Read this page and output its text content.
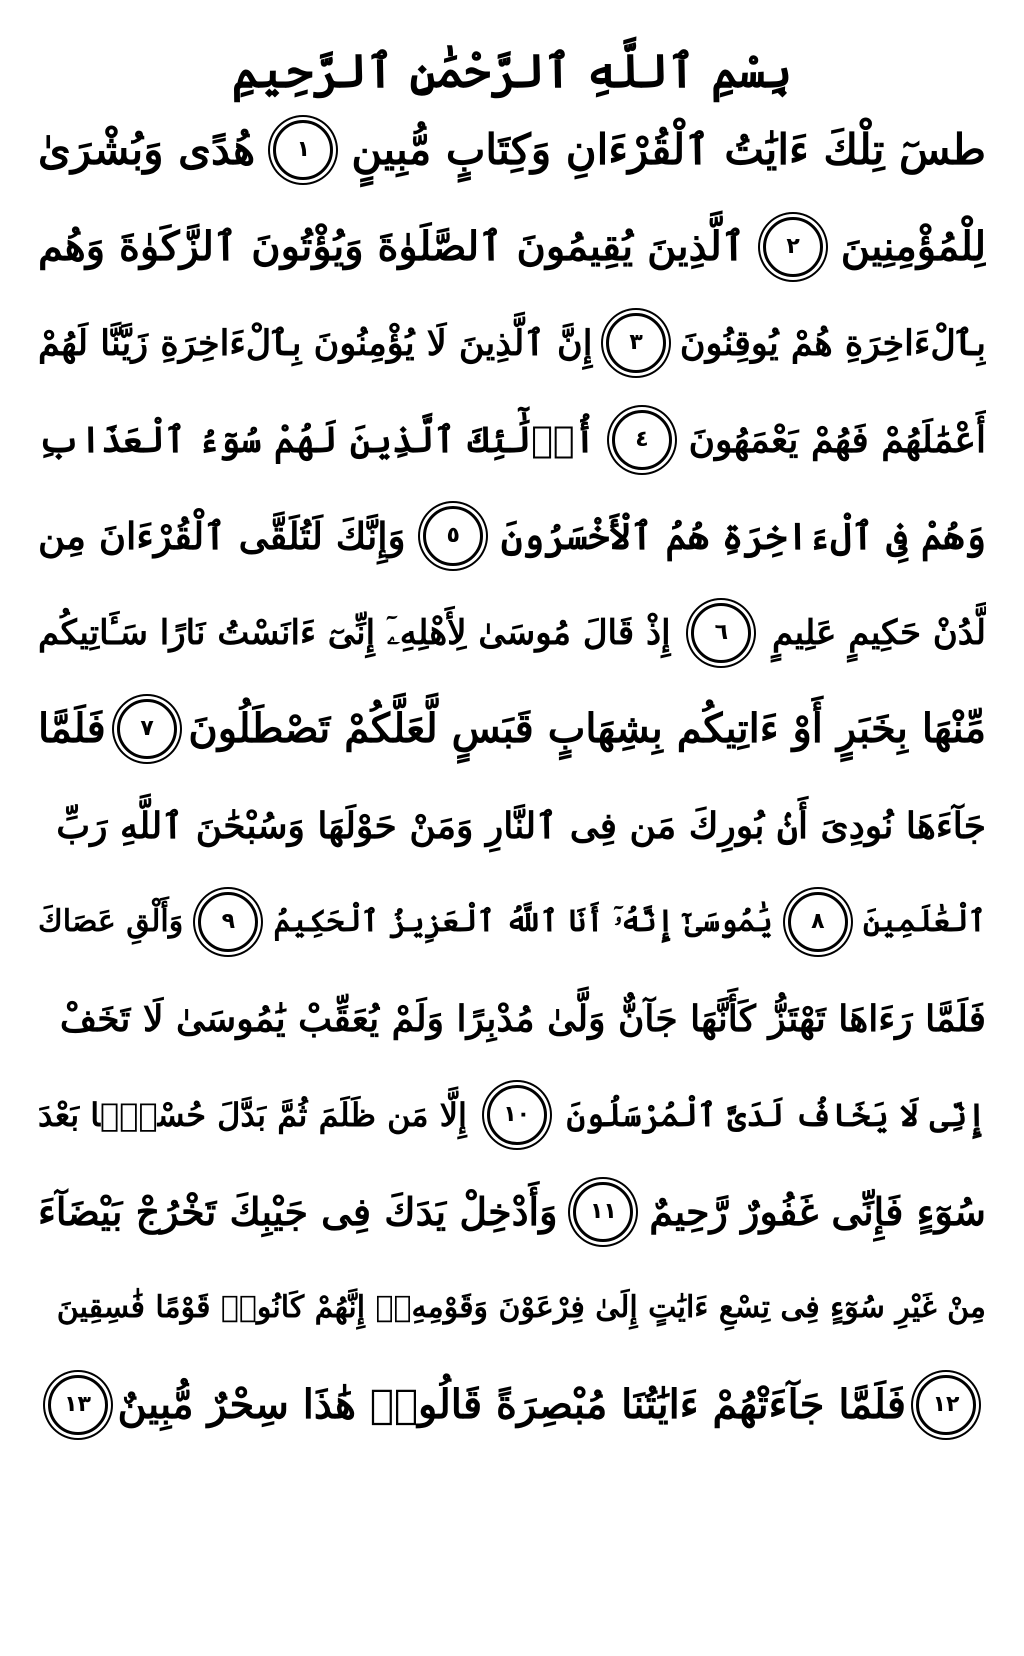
بِسْمِ ٱللَّهِ ٱلرَّحْمَٰنِ ٱلرَّحِيمِ
طسٓ تِلْكَ ءَايَٰتُ ٱلْقُرْءَانِ وَكِتَابٍ مُّبِينٍ
١
هُدًى وَبُشْرَىٰ
لِلْمُؤْمِنِينَ
٢
ٱلَّذِينَ يُقِيمُونَ ٱلصَّلَوٰةَ وَيُؤْتُونَ ٱلزَّكَوٰةَ وَهُم
بِٱلْءَاخِرَةِ هُمْ يُوقِنُونَ
٣
إِنَّ ٱلَّذِينَ لَا يُؤْمِنُونَ بِٱلْءَاخِرَةِ زَيَّنَّا لَهُمْ
أَعْمَٰلَهُمْ فَهُمْ يَعْمَهُونَ
٤
أُو۟لَٰٓئِكَ ٱلَّذِينَ لَهُمْ سُوٓءُ ٱلْعَذَابِ
وَهُمْ فِى ٱلْءَاخِرَةِ هُمُ ٱلْأَخْسَرُونَ
٥
وَإِنَّكَ لَتُلَقَّى ٱلْقُرْءَانَ مِن
لَّدُنْ حَكِيمٍ عَلِيمٍ
٦
إِذْ قَالَ مُوسَىٰ لِأَهْلِهِۦٓ إِنِّىٓ ءَانَسْتُ نَارًا سَـَٔاتِيكُم
مِّنْهَا بِخَبَرٍ أَوْ ءَاتِيكُم بِشِهَابٍ قَبَسٍ لَّعَلَّكُمْ تَصْطَلُونَ
٧
فَلَمَّا
جَآءَهَا نُودِىَ أَنۢ بُورِكَ مَن فِى ٱلنَّارِ وَمَنْ حَوْلَهَا وَسُبْحَٰنَ ٱللَّهِ رَبِّ
ٱلْعَٰلَمِينَ
٨
يَٰمُوسَىٰٓ إِنَّهُۥٓ أَنَا ٱللَّهُ ٱلْعَزِيزُ ٱلْحَكِيمُ
٩
وَأَلْقِ عَصَاكَ
فَلَمَّا رَءَاهَا تَهْتَزُّ كَأَنَّهَا جَآنٌّ وَلَّىٰ مُدْبِرًا وَلَمْ يُعَقِّبْ يَٰمُوسَىٰ لَا تَخَفْ
إِنِّى لَا يَخَافُ لَدَىَّ ٱلْمُرْسَلُونَ
١٠
إِلَّا مَن ظَلَمَ ثُمَّ بَدَّلَ حُسْنًۢا بَعْدَ
سُوٓءٍ فَإِنِّى غَفُورٌ رَّحِيمٌ
١١
وَأَدْخِلْ يَدَكَ فِى جَيْبِكَ تَخْرُجْ بَيْضَآءَ
مِنْ غَيْرِ سُوٓءٍ فِى تِسْعِ ءَايَٰتٍ إِلَىٰ فِرْعَوْنَ وَقَوْمِهِۦٓ إِنَّهُمْ كَانُوا۟ قَوْمًا فَٰسِقِينَ
١٢
فَلَمَّا جَآءَتْهُمْ ءَايَٰتُنَا مُبْصِرَةً قَالُوا۟ هَٰذَا سِحْرٌ مُّبِينٌ
١٣
